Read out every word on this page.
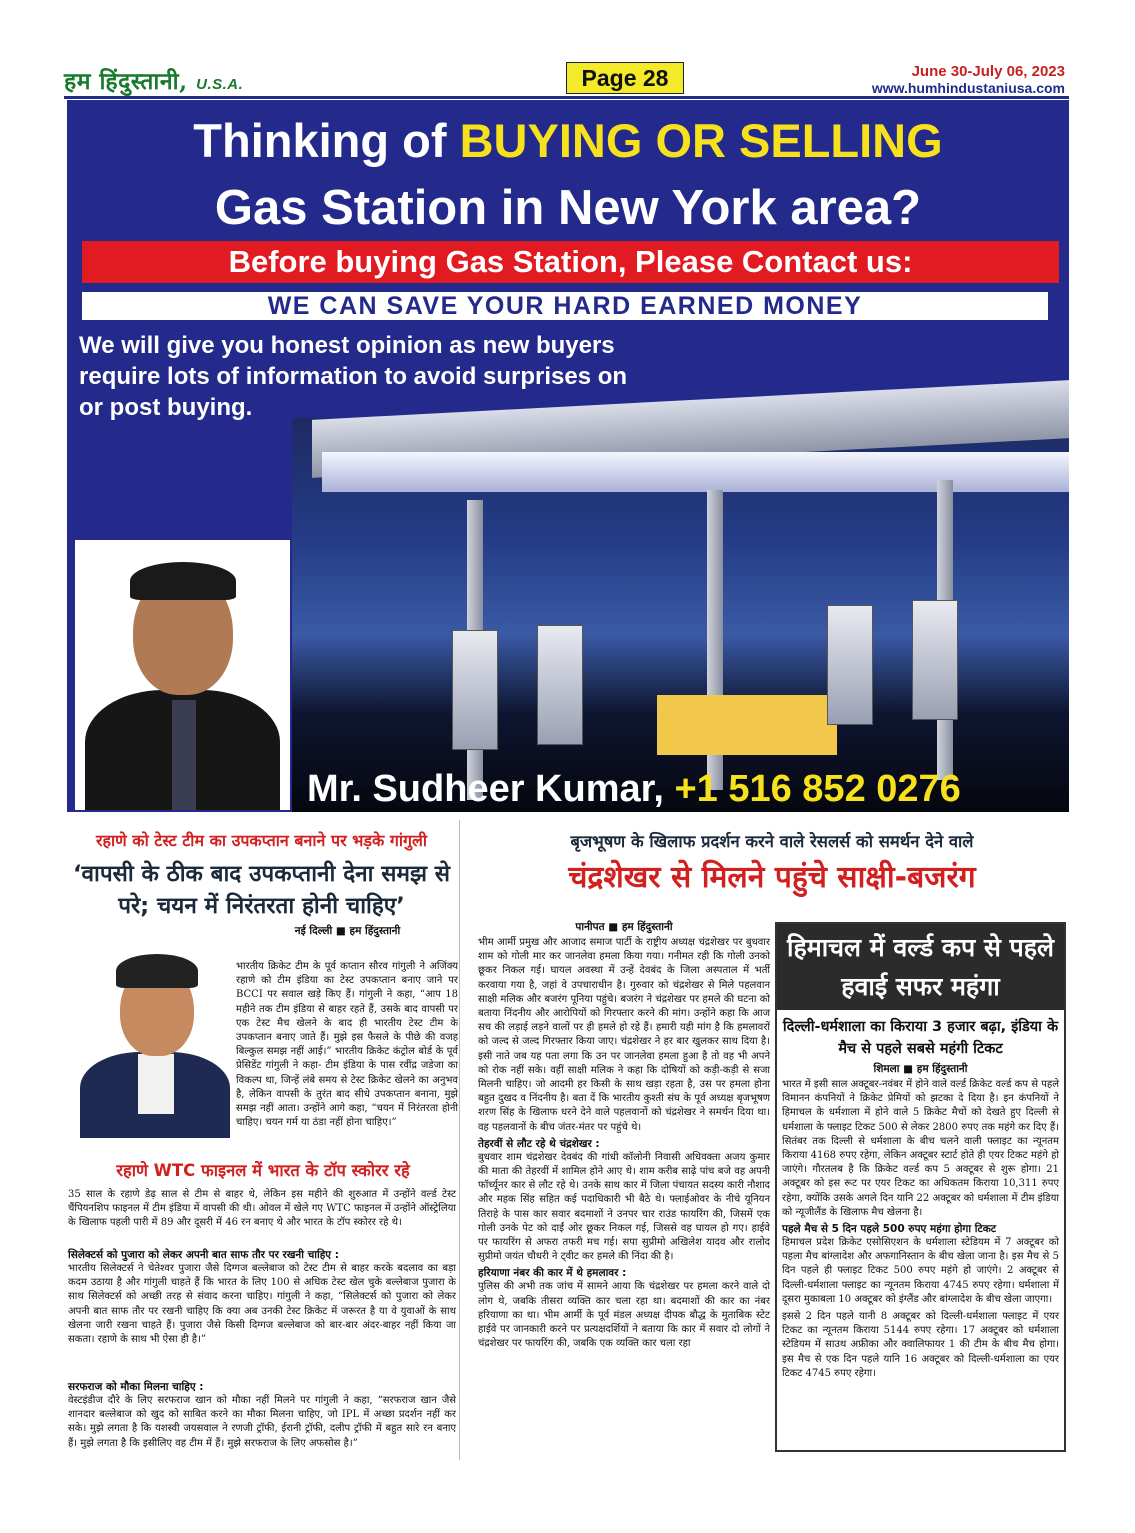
हम हिंदुस्तानी, U.S.A.	Page 28	June 30-July 06, 2023
www.humhindustaniusa.com
Thinking of BUYING OR SELLING
Gas Station in New York area?
Before buying Gas Station, Please Contact us:
WE CAN SAVE YOUR HARD EARNED MONEY
We will give you honest opinion as new buyers require lots of information to avoid surprises on or post buying.
Mr. Sudheer Kumar, +1 516 852 0276
रहाणे को टेस्ट टीम का उपकप्तान बनाने पर भड़के गांगुली
‘वापसी के ठीक बाद उपकप्तानी देना समझ से परे; चयन में निरंतरता होनी चाहिए’
नई दिल्ली ■ हम हिंदुस्तानी
भारतीय क्रिकेट टीम के पूर्व कप्तान सौरव गांगुली ने अजिंक्य रहाणे को टीम इंडिया का टेस्ट उपकप्तान बनाए जाने पर BCCI पर सवाल खड़े किए हैं। गांगुली ने कहा, “आप 18 महीने तक टीम इंडिया से बाहर रहते हैं, उसके बाद वापसी पर एक टेस्ट मैच खेलने के बाद ही भारतीय टेस्ट टीम के उपकप्तान बनाए जाते हैं। मुझे इस फैसले के पीछे की वजह बिल्कुल समझ नहीं आई।” भारतीय क्रिकेट कंट्रोल बोर्ड के पूर्व प्रेसिडेंट गांगुली ने कहा- टीम इंडिया के पास रवींद्र जडेजा का विकल्प था, जिन्हें लंबे समय से टेस्ट क्रिकेट खेलने का अनुभव है, लेकिन वापसी के तुरंत बाद सीधे उपकप्तान बनाना, मुझे समझ नहीं आता। उन्होंने आगे कहा, “चयन में निरंतरता होनी चाहिए। चयन गर्म या ठंडा नहीं होना चाहिए।”
रहाणे WTC फाइनल में भारत के टॉप स्कोरर रहे
35 साल के रहाणे डेढ़ साल से टीम से बाहर थे, लेकिन इस महीने की शुरुआत में उन्होंने वर्ल्ड टेस्ट चैंपियनशिप फाइनल में टीम इंडिया में वापसी की थी। ओवल में खेले गए WTC फाइनल में उन्होंने ऑस्ट्रेलिया के खिलाफ पहली पारी में 89 और दूसरी में 46 रन बनाए थे और भारत के टॉप स्कोरर रहे थे।
सिलेक्टर्स को पुजारा को लेकर अपनी बात साफ तौर पर रखनी चाहिए :
भारतीय सिलेक्टर्स ने चेतेश्वर पुजारा जैसे दिग्गज बल्लेबाज को टेस्ट टीम से बाहर करके बदलाव का बड़ा कदम उठाया है और गांगुली चाहते हैं कि भारत के लिए 100 से अधिक टेस्ट खेल चुके बल्लेबाज पुजारा के साथ सिलेक्टर्स को अच्छी तरह से संवाद करना चाहिए। गांगुली ने कहा, “सिलेक्टर्स को पुजारा को लेकर अपनी बात साफ तौर पर रखनी चाहिए कि क्या अब उनकी टेस्ट क्रिकेट में जरूरत है या वे युवाओं के साथ खेलना जारी रखना चाहते हैं। पुजारा जैसे किसी दिग्गज बल्लेबाज को बार-बार अंदर-बाहर नहीं किया जा सकता। रहाणे के साथ भी ऐसा ही है।”
सरफराज को मौका मिलना चाहिए :
वेस्टइंडीज दौरे के लिए सरफराज खान को मौका नहीं मिलने पर गांगुली ने कहा, “सरफराज खान जैसे शानदार बल्लेबाज को खुद को साबित करने का मौका मिलना चाहिए, जो IPL में अच्छा प्रदर्शन नहीं कर सके। मुझे लगता है कि यशस्वी जयसवाल ने रणजी ट्रॉफी, ईरानी ट्रॉफी, दलीप ट्रॉफी में बहुत सारे रन बनाए हैं। मुझे लगता है कि इसीलिए वह टीम में हैं। मुझे सरफराज के लिए अफसोस है।”
बृजभूषण के खिलाफ प्रदर्शन करने वाले रेसलर्स को समर्थन देने वाले
चंद्रशेखर से मिलने पहुंचे साक्षी-बजरंग
पानीपत ■ हम हिंदुस्तानी
भीम आर्मी प्रमुख और आजाद समाज पार्टी के राष्ट्रीय अध्यक्ष चंद्रशेखर पर बुधवार शाम को गोली मार कर जानलेवा हमला किया गया। गनीमत रही कि गोली उनको छूकर निकल गई। घायल अवस्था में उन्हें देवबंद के जिला अस्पताल में भर्ती करवाया गया है, जहां वे उपचाराधीन है। गुरुवार को चंद्रशेखर से मिले पहलवान साक्षी मलिक और बजरंग पूनिया पहुंचे। बजरंग ने चंद्रशेखर पर हमले की घटना को बताया निंदनीय और आरोपियों को गिरफ्तार करने की मांग। उन्होंने कहा कि आज सच की लड़ाई लड़ने वालों पर ही हमले हो रहे हैं। हमारी यही मांग है कि हमलावरों को जल्द से जल्द गिरफ्तार किया जाए। चंद्रशेखर ने हर बार खुलकर साथ दिया है। इसी नाते जब यह पता लगा कि उन पर जानलेवा हमला हुआ है तो वह भी अपने को रोक नहीं सके। वहीं साक्षी मलिक ने कहा कि दोषियों को कड़ी-कड़ी से सजा मिलनी चाहिए। जो आदमी हर किसी के साथ खड़ा रहता है, उस पर हमला होना बहुत दुखद व निंदनीय है। बता दें कि भारतीय कुश्ती संघ के पूर्व अध्यक्ष बृजभूषण शरण सिंह के खिलाफ धरने देने वाले पहलवानों को चंद्रशेखर ने समर्थन दिया था। वह पहलवानों के बीच जंतर-मंतर पर पहुंचे थे।
तेहरवीं से लौट रहे थे चंद्रशेखर :
बुधवार शाम चंद्रशेखर देवबंद की गांधी कॉलोनी निवासी अधिवक्ता अजय कुमार की माता की तेहरवीं में शामिल होने आए थे। शाम करीब साढ़े पांच बजे वह अपनी फॉर्च्यूनर कार से लौट रहे थे। उनके साथ कार में जिला पंचायत सदस्य कारी नौशाद और महक सिंह सहित कई पदाधिकारी भी बैठे थे। फ्लाईओवर के नीचे यूनियन तिराहे के पास कार सवार बदमाशों ने उनपर चार राउंड फायरिंग की, जिसमें एक गोली उनके पेट को दाईं ओर छूकर निकल गई, जिससे वह घायल हो गए। हाईवे पर फायरिंग से अफरा तफरी मच गई। सपा सुप्रीमो अखिलेश यादव और रालोद सुप्रीमो जयंत चौधरी ने ट्वीट कर हमले की निंदा की है।
हरियाणा नंबर की कार में थे हमलावर :
पुलिस की अभी तक जांच में सामने आया कि चंद्रशेखर पर हमला करने वाले दो लोग थे, जबकि तीसरा व्यक्ति कार चला रहा था। बदमाशों की कार का नंबर हरियाणा का था। भीम आर्मी के पूर्व मंडल अध्यक्ष दीपक बौद्ध के मुताबिक स्टेट हाईवे पर जानकारी करने पर प्रत्यक्षदर्शियों ने बताया कि कार में सवार दो लोगों ने चंद्रशेखर पर फायरिंग की, जबकि एक व्यक्ति कार चला रहा
हिमाचल में वर्ल्ड कप से पहले हवाई सफर महंगा
दिल्ली-धर्मशाला का किराया 3 हजार बढ़ा, इंडिया के मैच से पहले सबसे महंगी टिकट
शिमला ■ हम हिंदुस्तानी
भारत में इसी साल अक्टूबर-नवंबर में होने वाले वर्ल्ड क्रिकेट वर्ल्ड कप से पहले विमानन कंपनियों ने क्रिकेट प्रेमियों को झटका दे दिया है। इन कंपनियों ने हिमाचल के धर्मशाला में होने वाले 5 क्रिकेट मैचों को देखते हुए दिल्ली से धर्मशाला के फ्लाइट टिकट 500 से लेकर 2800 रुपए तक महंगे कर दिए हैं। सितंबर तक दिल्ली से धर्मशाला के बीच चलने वाली फ्लाइट का न्यूनतम किराया 4168 रुपए रहेगा, लेकिन अक्टूबर स्टार्ट होते ही एयर टिकट महंगे हो जाएंगे। गौरतलब है कि क्रिकेट वर्ल्ड कप 5 अक्टूबर से शुरू होगा। 21 अक्टूबर को इस रूट पर एयर टिकट का अधिकतम किराया 10,311 रुपए रहेगा, क्योंकि उसके अगले दिन यानि 22 अक्टूबर को धर्मशाला में टीम इंडिया को न्यूजीलैंड के खिलाफ मैच खेलना है।
पहले मैच से 5 दिन पहले 500 रुपए महंगा होगा टिकट
हिमाचल प्रदेश क्रिकेट एसोसिएशन के धर्मशाला स्टेडियम में 7 अक्टूबर को पहला मैच बांग्लादेश और अफगानिस्तान के बीच खेला जाना है। इस मैच से 5 दिन पहले ही फ्लाइट टिकट 500 रुपए महंगे हो जाएंगे। 2 अक्टूबर से दिल्ली-धर्मशाला फ्लाइट का न्यूनतम किराया 4745 रुपए रहेगा। धर्मशाला में दूसरा मुकाबला 10 अक्टूबर को इंग्लैंड और बांग्लादेश के बीच खेला जाएगा।
इससे 2 दिन पहले यानी 8 अक्टूबर को दिल्ली-धर्मशाला फ्लाइट में एयर टिकट का न्यूनतम किराया 5144 रुपए रहेगा। 17 अक्टूबर को धर्मशाला स्टेडियम में साउथ अफ्रीका और क्वालिफायर 1 की टीम के बीच मैच होगा। इस मैच से एक दिन पहले यानि 16 अक्टूबर को दिल्ली-धर्मशाला का एयर टिकट 4745 रुपए रहेगा।
